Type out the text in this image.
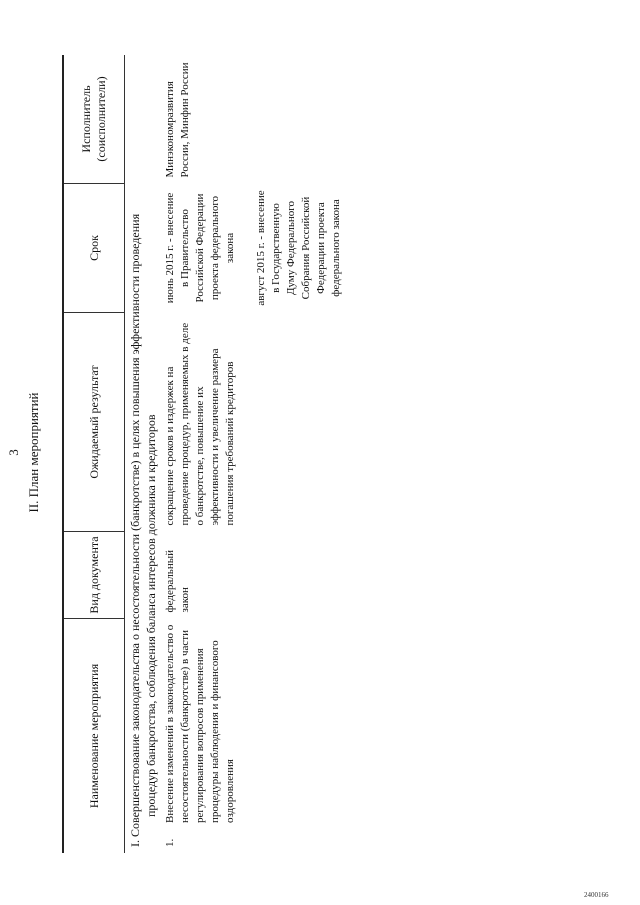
3 II. План мероприятий
Наименование мероприятия		Вид документа	Ожидаемый результат	Срок	Исполнитель (соисполнители)
I. Совершенствование законодательства о несостоятельности (банкротстве) в целях повышения эффективности проведения процедур банкротства, соблюдения баланса интересов должника и кредиторов					

1.	Внесение изменений в законодательство о несостоятельности (банкротстве) в части регулирования вопросов применения процедуры наблюдения и финансового оздоровления	федеральный закон	сокращение сроков и издержек на проведение процедур, применяемых в деле о банкротстве, повышение их эффективности и увеличение размера погашения требований кредиторов	июнь 2015 г. - внесение в Правительство Российской Федерации проекта федерального закона август 2015 г. - внесение в Государственную Думу Федерального Собрания Российской Федерации проекта федерального закона	Минэкономразвития России, Минфин России
2400166
